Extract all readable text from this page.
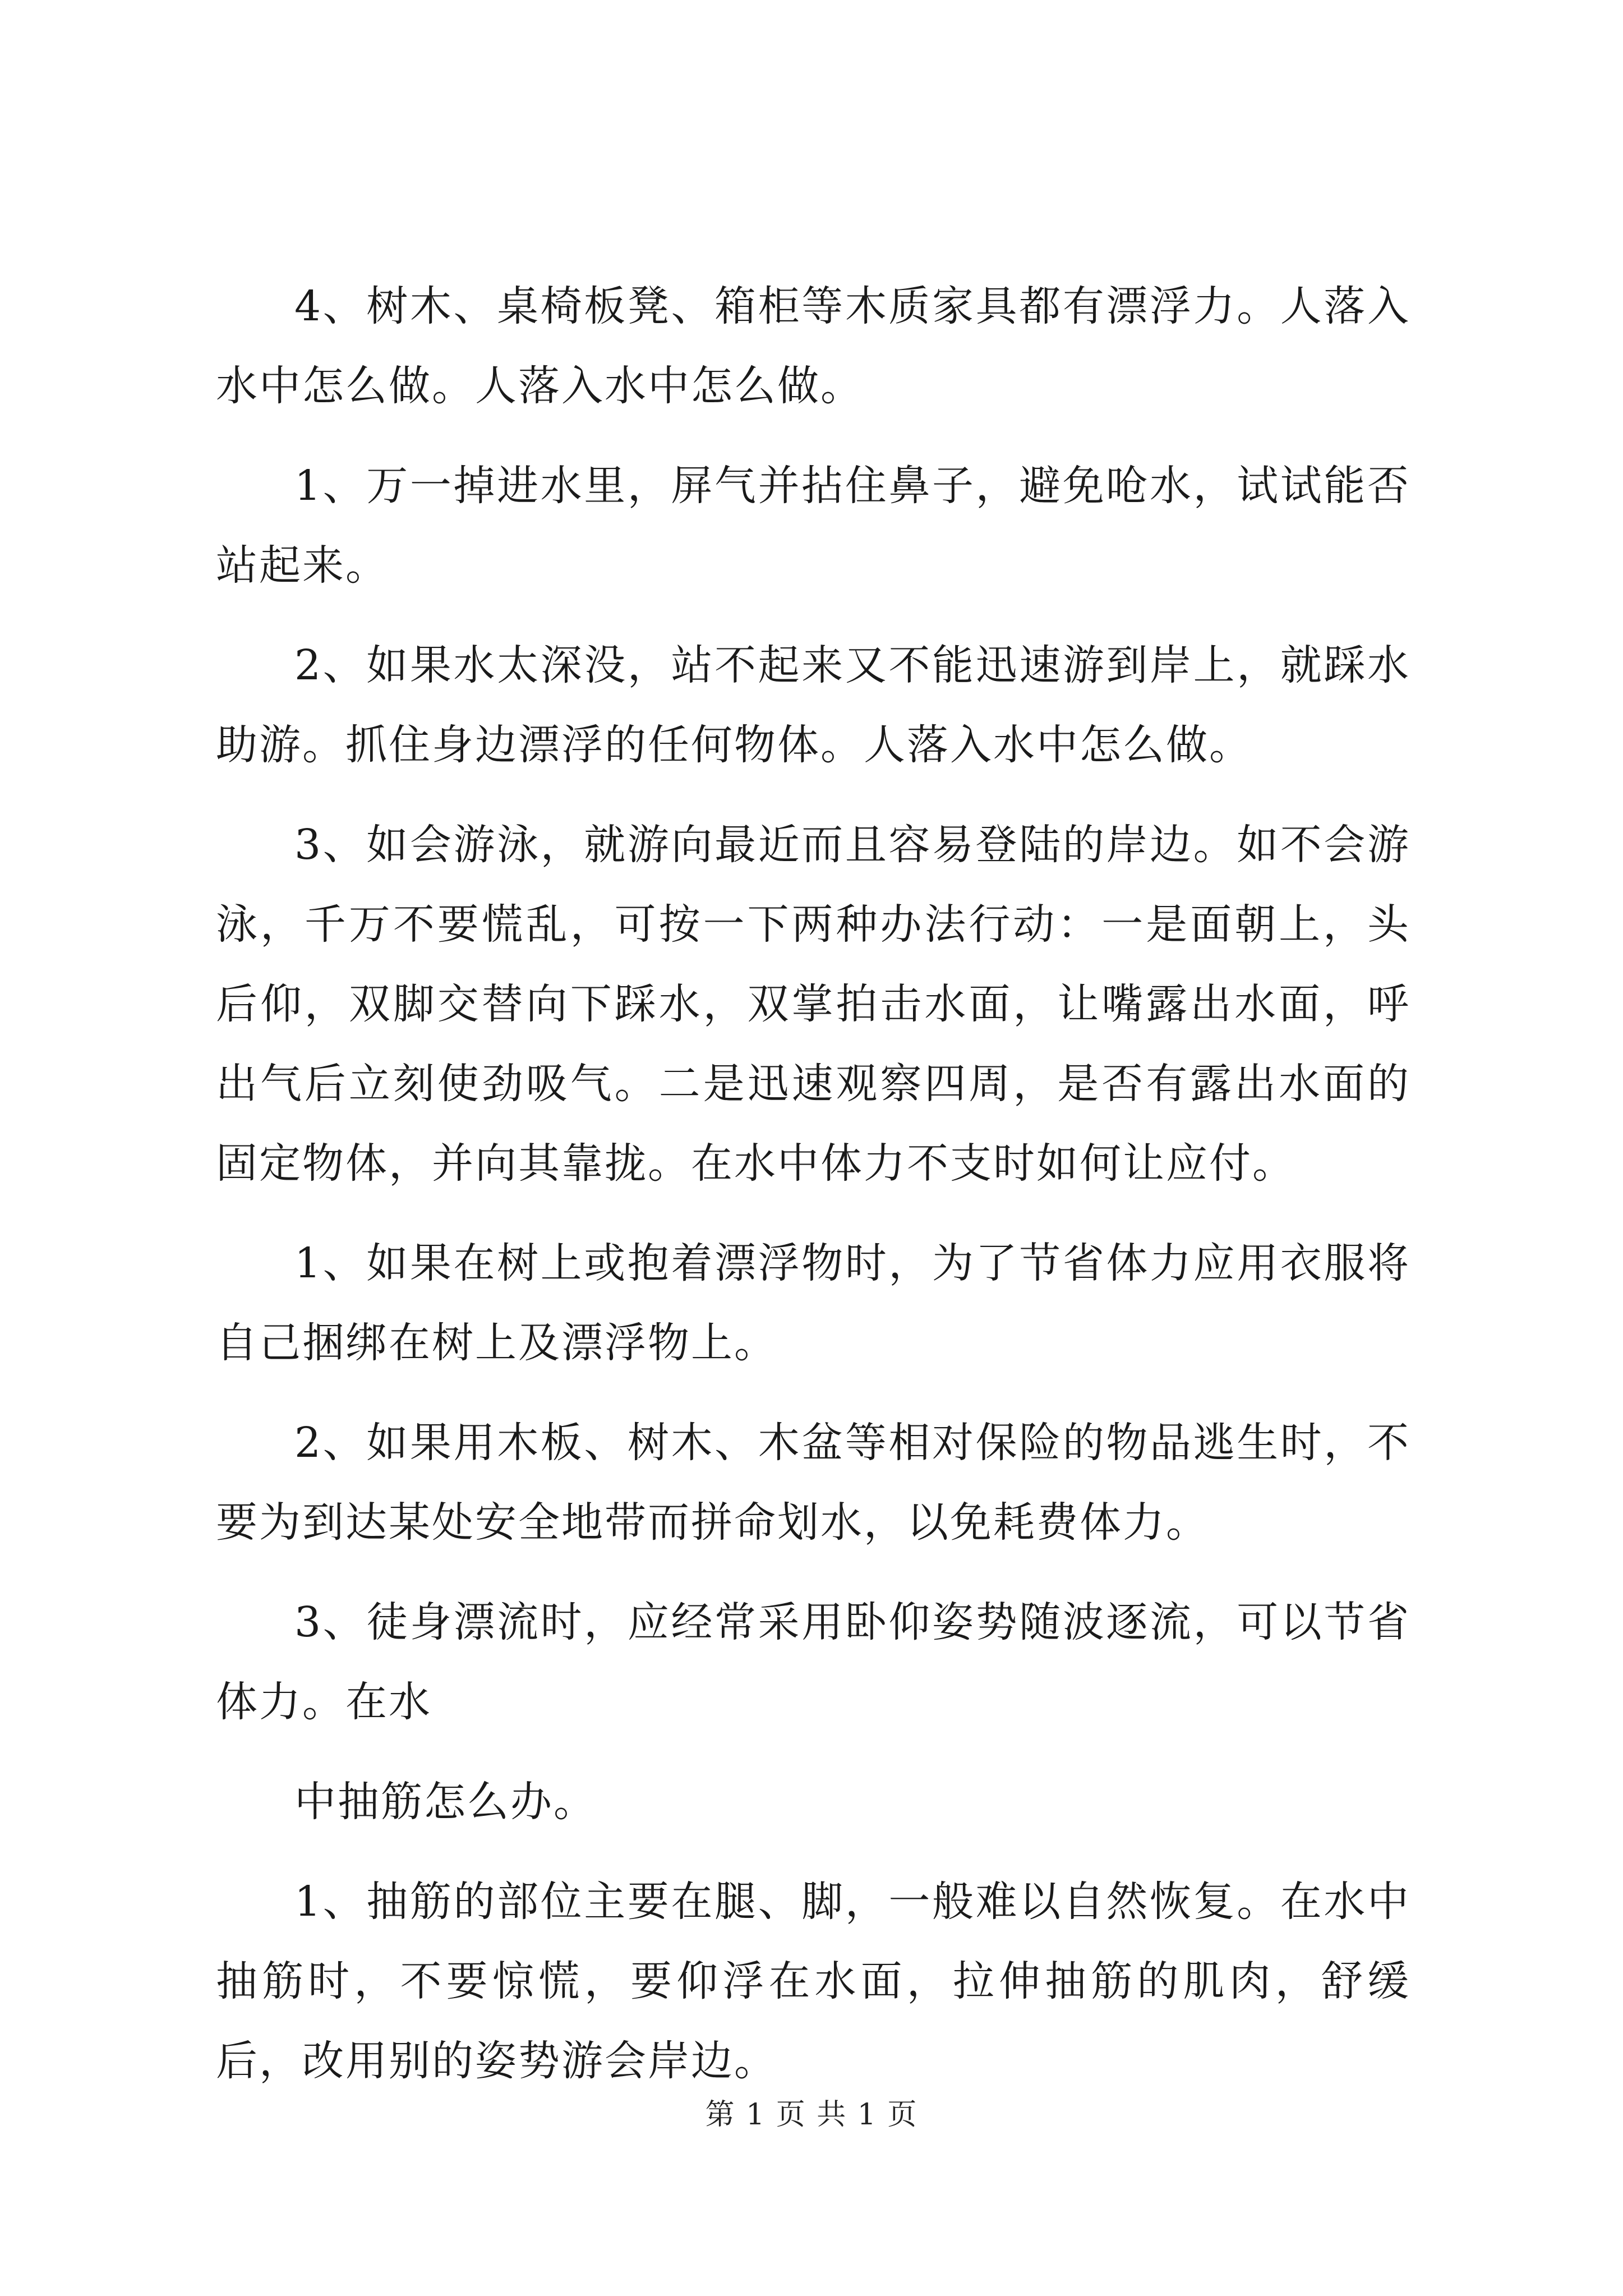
4、树木、桌椅板凳、箱柜等木质家具都有漂浮力。人落入水中怎么做。人落入水中怎么做。

1、万一掉进水里，屏气并拈住鼻子，避免呛水，试试能否站起来。

2、如果水太深没，站不起来又不能迅速游到岸上，就踩水助游。抓住身边漂浮的任何物体。人落入水中怎么做。

3、如会游泳，就游向最近而且容易登陆的岸边。如不会游泳，千万不要慌乱，可按一下两种办法行动：一是面朝上，头后仰，双脚交替向下踩水，双掌拍击水面，让嘴露出水面，呼出气后立刻使劲吸气。二是迅速观察四周，是否有露出水面的固定物体，并向其靠拢。在水中体力不支时如何让应付。

1、如果在树上或抱着漂浮物时，为了节省体力应用衣服将自己捆绑在树上及漂浮物上。

2、如果用木板、树木、木盆等相对保险的物品逃生时，不要为到达某处安全地带而拼命划水，以免耗费体力。

3、徒身漂流时，应经常采用卧仰姿势随波逐流，可以节省体力。在水

中抽筋怎么办。

1、抽筋的部位主要在腿、脚，一般难以自然恢复。在水中抽筋时，不要惊慌，要仰浮在水面，拉伸抽筋的肌肉，舒缓后，改用别的姿势游会岸边。

第 1 页 共 1 页
